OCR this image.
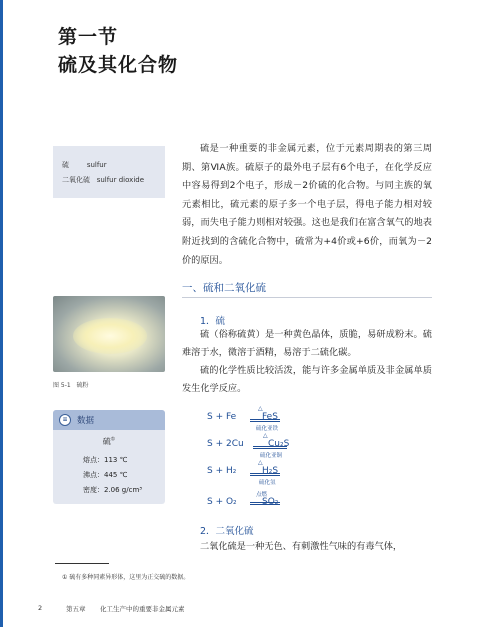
第一节
硫及其化合物
硫	sulfur
二氧化硫 sulfur dioxide
硫是一种重要的非金属元素，位于元素周期表的第三周期、第ⅥA族。硫原子的最外电子层有6个电子，在化学反应中容易得到2个电子，形成－2价硫的化合物。与同主族的氧元素相比，硫元素的原子多一个电子层，得电子能力相对较弱，而失电子能力则相对较强。这也是我们在富含氧气的地表附近找到的含硫化合物中，硫常为+4价或+6价，而氧为－2价的原因。
一、硫和二氧化硫
图 5-1 硫粉
1．硫
硫（俗称硫黄）是一种黄色晶体，质脆，易研成粉末。硫难溶于水，微溶于酒精，易溶于二硫化碳。
硫的化学性质比较活泼，能与许多金属单质及非金属单质发生化学反应。
≡	数据
硫①
熔点：113 ℃
沸点：445 ℃
密度：2.06 g/cm³
S + Fe
△
FeS
硫化亚铁
S + 2Cu
△
Cu₂S
硫化亚铜
S + H₂
△
H₂S
硫化氢
S + O₂
点燃
SO₂
2．二氧化硫
二氧化硫是一种无色、有刺激性气味的有毒气体，
① 硫有多种同素异形体，这里为正交硫的数据。
2	第五章 化工生产中的重要非金属元素
